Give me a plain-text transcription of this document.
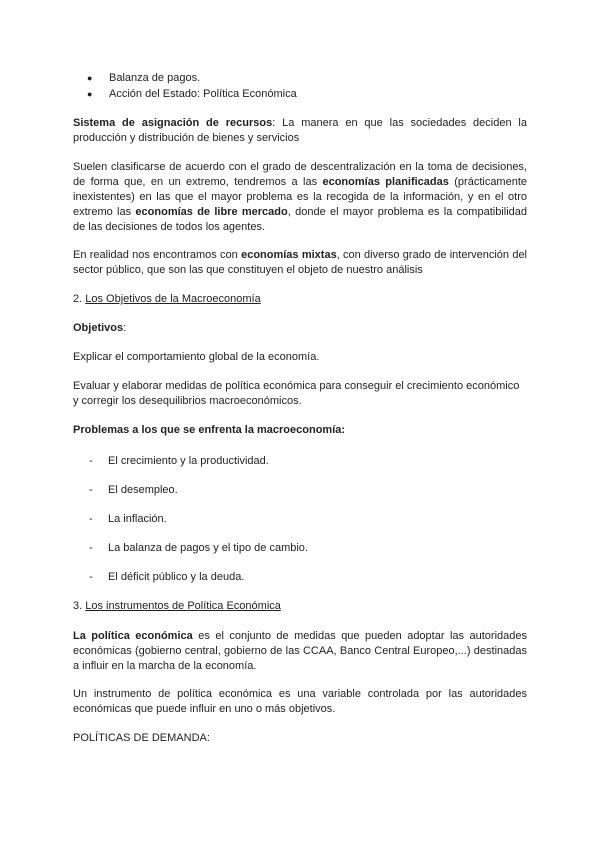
● Balanza de pagos.
● Acción del Estado: Política Económica

Sistema de asignación de recursos: La manera en que las sociedades deciden la producción y distribución de bienes y servicios

Suelen clasificarse de acuerdo con el grado de descentralización en la toma de decisiones, de forma que, en un extremo, tendremos a las economías planificadas (prácticamente inexistentes) en las que el mayor problema es la recogida de la información, y en el otro extremo las economías de libre mercado, donde el mayor problema es la compatibilidad de las decisiones de todos los agentes.

En realidad nos encontramos con economías mixtas, con diverso grado de intervención del sector público, que son las que constituyen el objeto de nuestro análisis

2. Los Objetivos de la Macroeconomía

Objetivos:

Explicar el comportamiento global de la economía.

Evaluar y elaborar medidas de política económica para conseguir el crecimiento económico y corregir los desequilibrios macroeconómicos.

Problemas a los que se enfrenta la macroeconomía:

- El crecimiento y la productividad.
- El desempleo.
- La inflación.
- La balanza de pagos y el tipo de cambio.
- El déficit público y la deuda.

3. Los instrumentos de Política Económica

La política económica es el conjunto de medidas que pueden adoptar las autoridades económicas (gobierno central, gobierno de las CCAA, Banco Central Europeo,...) destinadas a influir en la marcha de la economía.

Un instrumento de política económica es una variable controlada por las autoridades económicas que puede influir en uno o más objetivos.

POLÍTICAS DE DEMANDA:
